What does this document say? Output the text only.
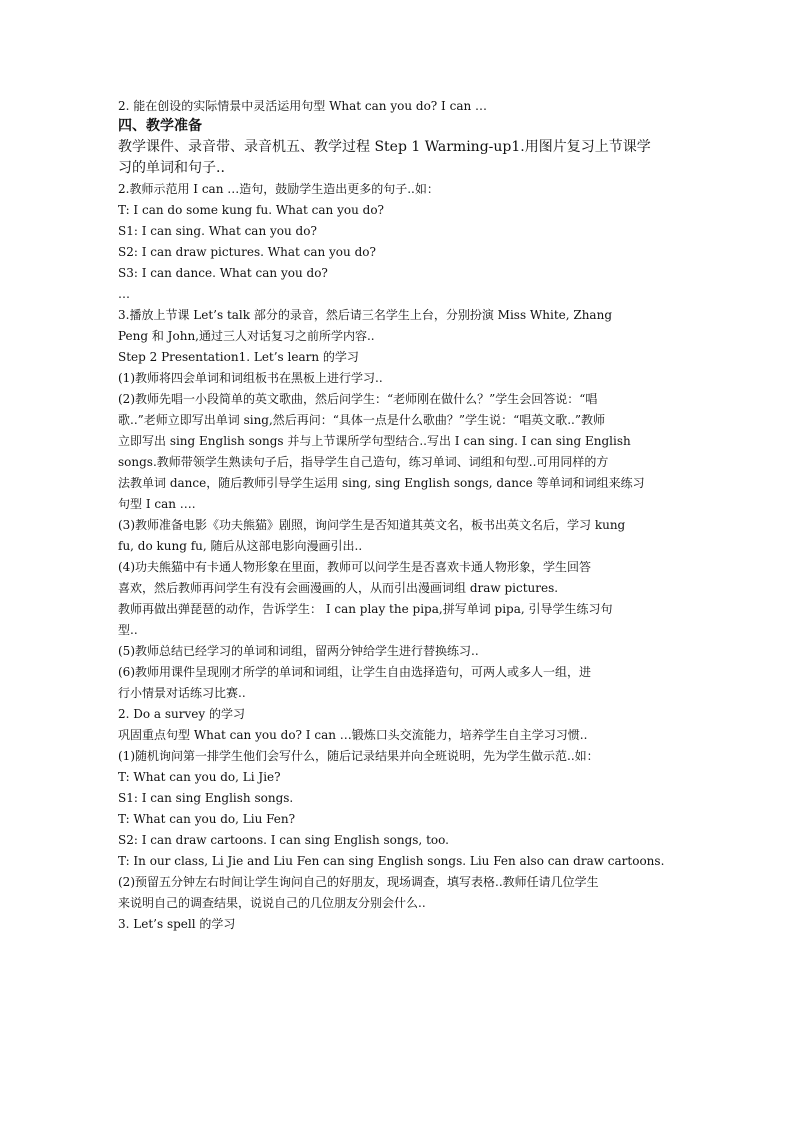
2. 能在创设的实际情景中灵活运用句型 What can you do? I can …
四、教学准备
教学课件、录音带、录音机五、教学过程 Step 1 Warming-up1.用图片复习上节课学
习的单词和句子..
2.教师示范用 I can …造句，鼓励学生造出更多的句子..如：
T: I can do some kung fu. What can you do?
S1: I can sing. What can you do?
S2: I can draw pictures. What can you do?
S3: I can dance. What can you do?
…
3.播放上节课 Let’s talk 部分的录音，然后请三名学生上台，分别扮演 Miss White, Zhang
Peng 和 John,通过三人对话复习之前所学内容..
Step 2 Presentation1. Let’s learn 的学习
(1)教师将四会单词和词组板书在黑板上进行学习..
(2)教师先唱一小段简单的英文歌曲，然后问学生：“老师刚在做什么？”学生会回答说：“唱
歌..”老师立即写出单词 sing,然后再问：“具体一点是什么歌曲？”学生说：“唱英文歌..”教师
立即写出 sing English songs 并与上节课所学句型结合..写出 I can sing. I can sing English
songs.教师带领学生熟读句子后，指导学生自己造句，练习单词、词组和句型..可用同样的方
法教单词 dance，随后教师引导学生运用 sing, sing English songs, dance 等单词和词组来练习
句型 I can ….
(3)教师准备电影《功夫熊猫》剧照，询问学生是否知道其英文名，板书出英文名后，学习 kung
fu, do kung fu, 随后从这部电影向漫画引出..
(4)功夫熊猫中有卡通人物形象在里面，教师可以问学生是否喜欢卡通人物形象，学生回答
喜欢，然后教师再问学生有没有会画漫画的人，从而引出漫画词组 draw pictures.
教师再做出弹琵琶的动作，告诉学生： I can play the pipa,拼写单词 pipa, 引导学生练习句
型..
(5)教师总结已经学习的单词和词组，留两分钟给学生进行替换练习..
(6)教师用课件呈现刚才所学的单词和词组，让学生自由选择造句，可两人或多人一组，进
行小情景对话练习比赛..
2. Do a survey 的学习
巩固重点句型 What can you do? I can …锻炼口头交流能力，培养学生自主学习习惯..
(1)随机询问第一排学生他们会写什么，随后记录结果并向全班说明，先为学生做示范..如：
T: What can you do, Li Jie?
S1: I can sing English songs.
T: What can you do, Liu Fen?
S2: I can draw cartoons. I can sing English songs, too.
T: In our class, Li Jie and Liu Fen can sing English songs. Liu Fen also can draw cartoons.
(2)预留五分钟左右时间让学生询问自己的好朋友，现场调查，填写表格..教师任请几位学生
来说明自己的调查结果，说说自己的几位朋友分别会什么..
3. Let’s spell 的学习
